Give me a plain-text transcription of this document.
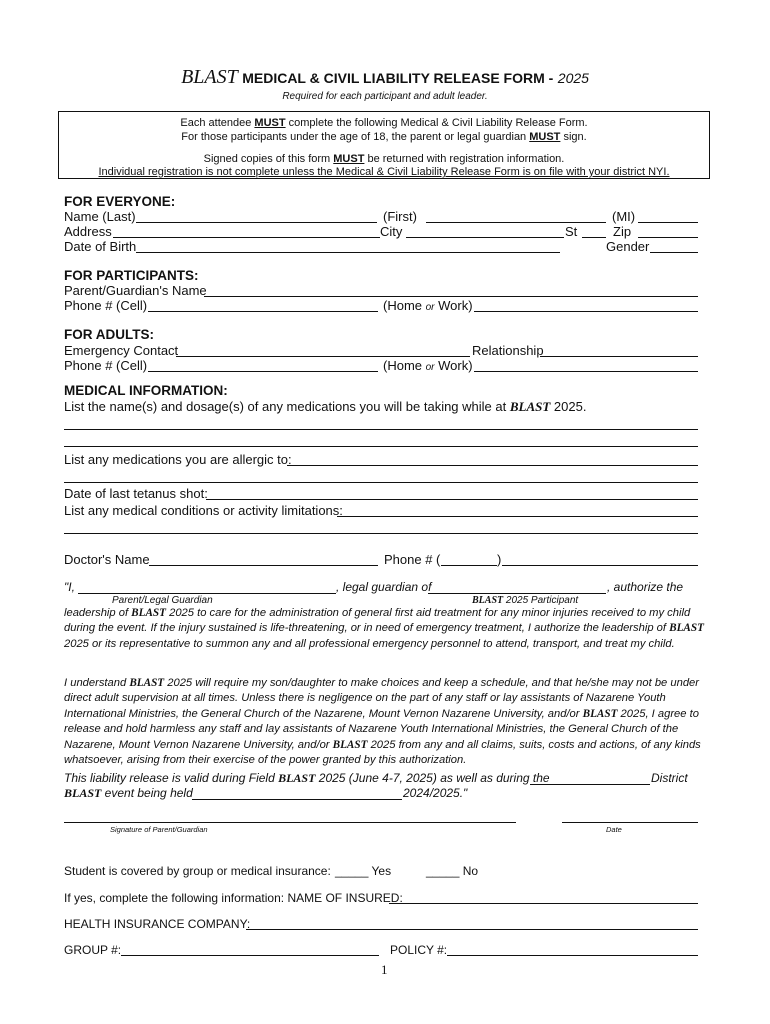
BLAST MEDICAL & CIVIL LIABILITY RELEASE FORM - 2025
Required for each participant and adult leader.
Each attendee MUST complete the following Medical & Civil Liability Release Form.
For those participants under the age of 18, the parent or legal guardian MUST sign.
Signed copies of this form MUST be returned with registration information.
Individual registration is not complete unless the Medical & Civil Liability Release Form is on file with your district NYI.
FOR EVERYONE:
Name (Last)	(First)	(MI)
Address	City	St	Zip
Date of Birth	Gender
FOR PARTICIPANTS:
Parent/Guardian's Name
Phone # (Cell)	(Home or Work)
FOR ADULTS:
Emergency Contact	Relationship
Phone # (Cell)	(Home or Work)
MEDICAL INFORMATION:
List the name(s) and dosage(s) of any medications you will be taking while at BLAST 2025.
List any medications you are allergic to:
Date of last tetanus shot:
List any medical conditions or activity limitations:
Doctor's Name	Phone # (	)
"I,	, legal guardian of	, authorize the
Parent/Legal Guardian	BLAST 2025 Participant
leadership of BLAST 2025 to care for the administration of general first aid treatment for any minor injuries received to my child during the event. If the injury sustained is life-threatening, or in need of emergency treatment, I authorize the leadership of BLAST 2025 or its representative to summon any and all professional emergency personnel to attend, transport, and treat my child.
I understand BLAST 2025 will require my son/daughter to make choices and keep a schedule, and that he/she may not be under direct adult supervision at all times. Unless there is negligence on the part of any staff or lay assistants of Nazarene Youth International Ministries, the General Church of the Nazarene, Mount Vernon Nazarene University, and/or BLAST 2025, I agree to release and hold harmless any staff and lay assistants of Nazarene Youth International Ministries, the General Church of the Nazarene, Mount Vernon Nazarene University, and/or BLAST 2025 from any and all claims, suits, costs and actions, of any kinds whatsoever, arising from their exercise of the power granted by this authorization.
This liability release is valid during Field BLAST 2025 (June 4-7, 2025) as well as during the	District
BLAST event being held	2024/2025."
Signature of Parent/Guardian	Date
Student is covered by group or medical insurance: _____ Yes	_____ No
If yes, complete the following information: NAME OF INSURED:
HEALTH INSURANCE COMPANY:
GROUP #:	POLICY #:
1
